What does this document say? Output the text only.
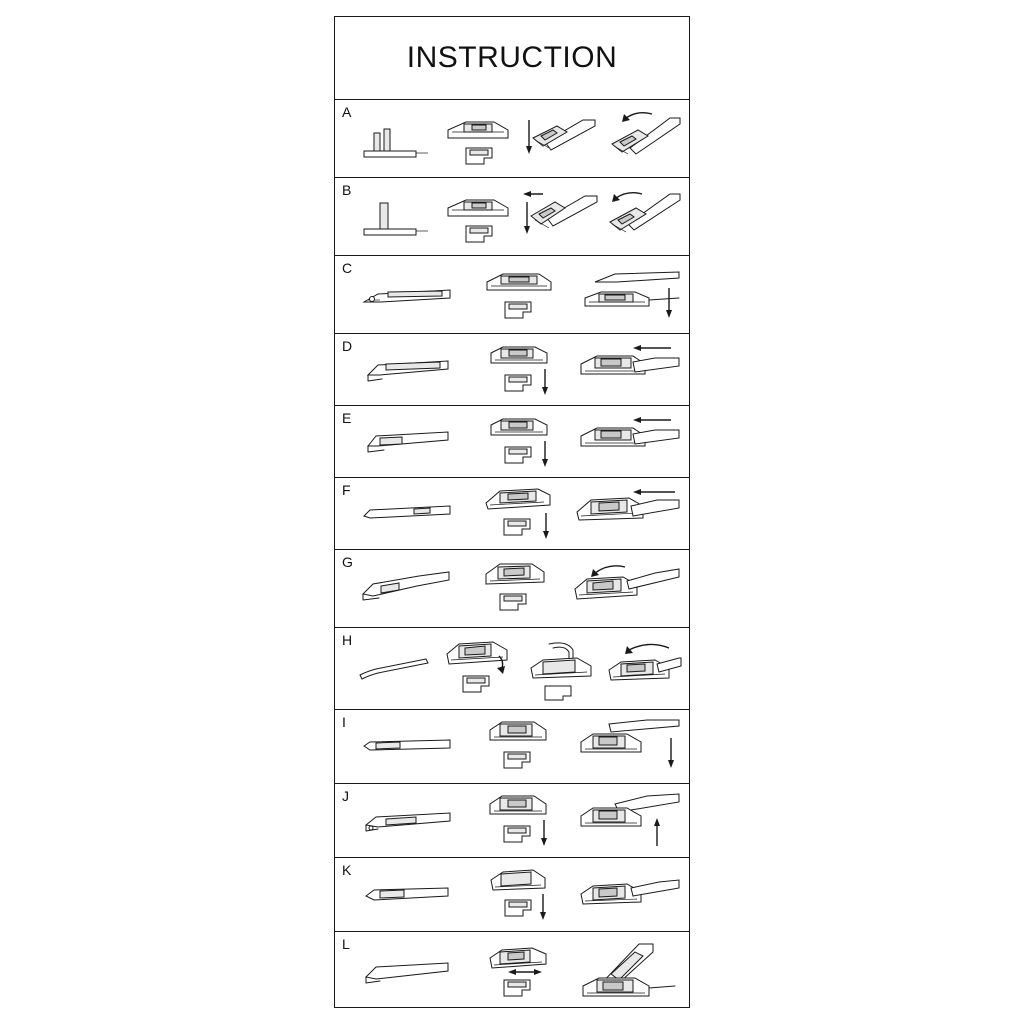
INSTRUCTION
A
B
C
D
E
F
G
H
I
J
K
L
